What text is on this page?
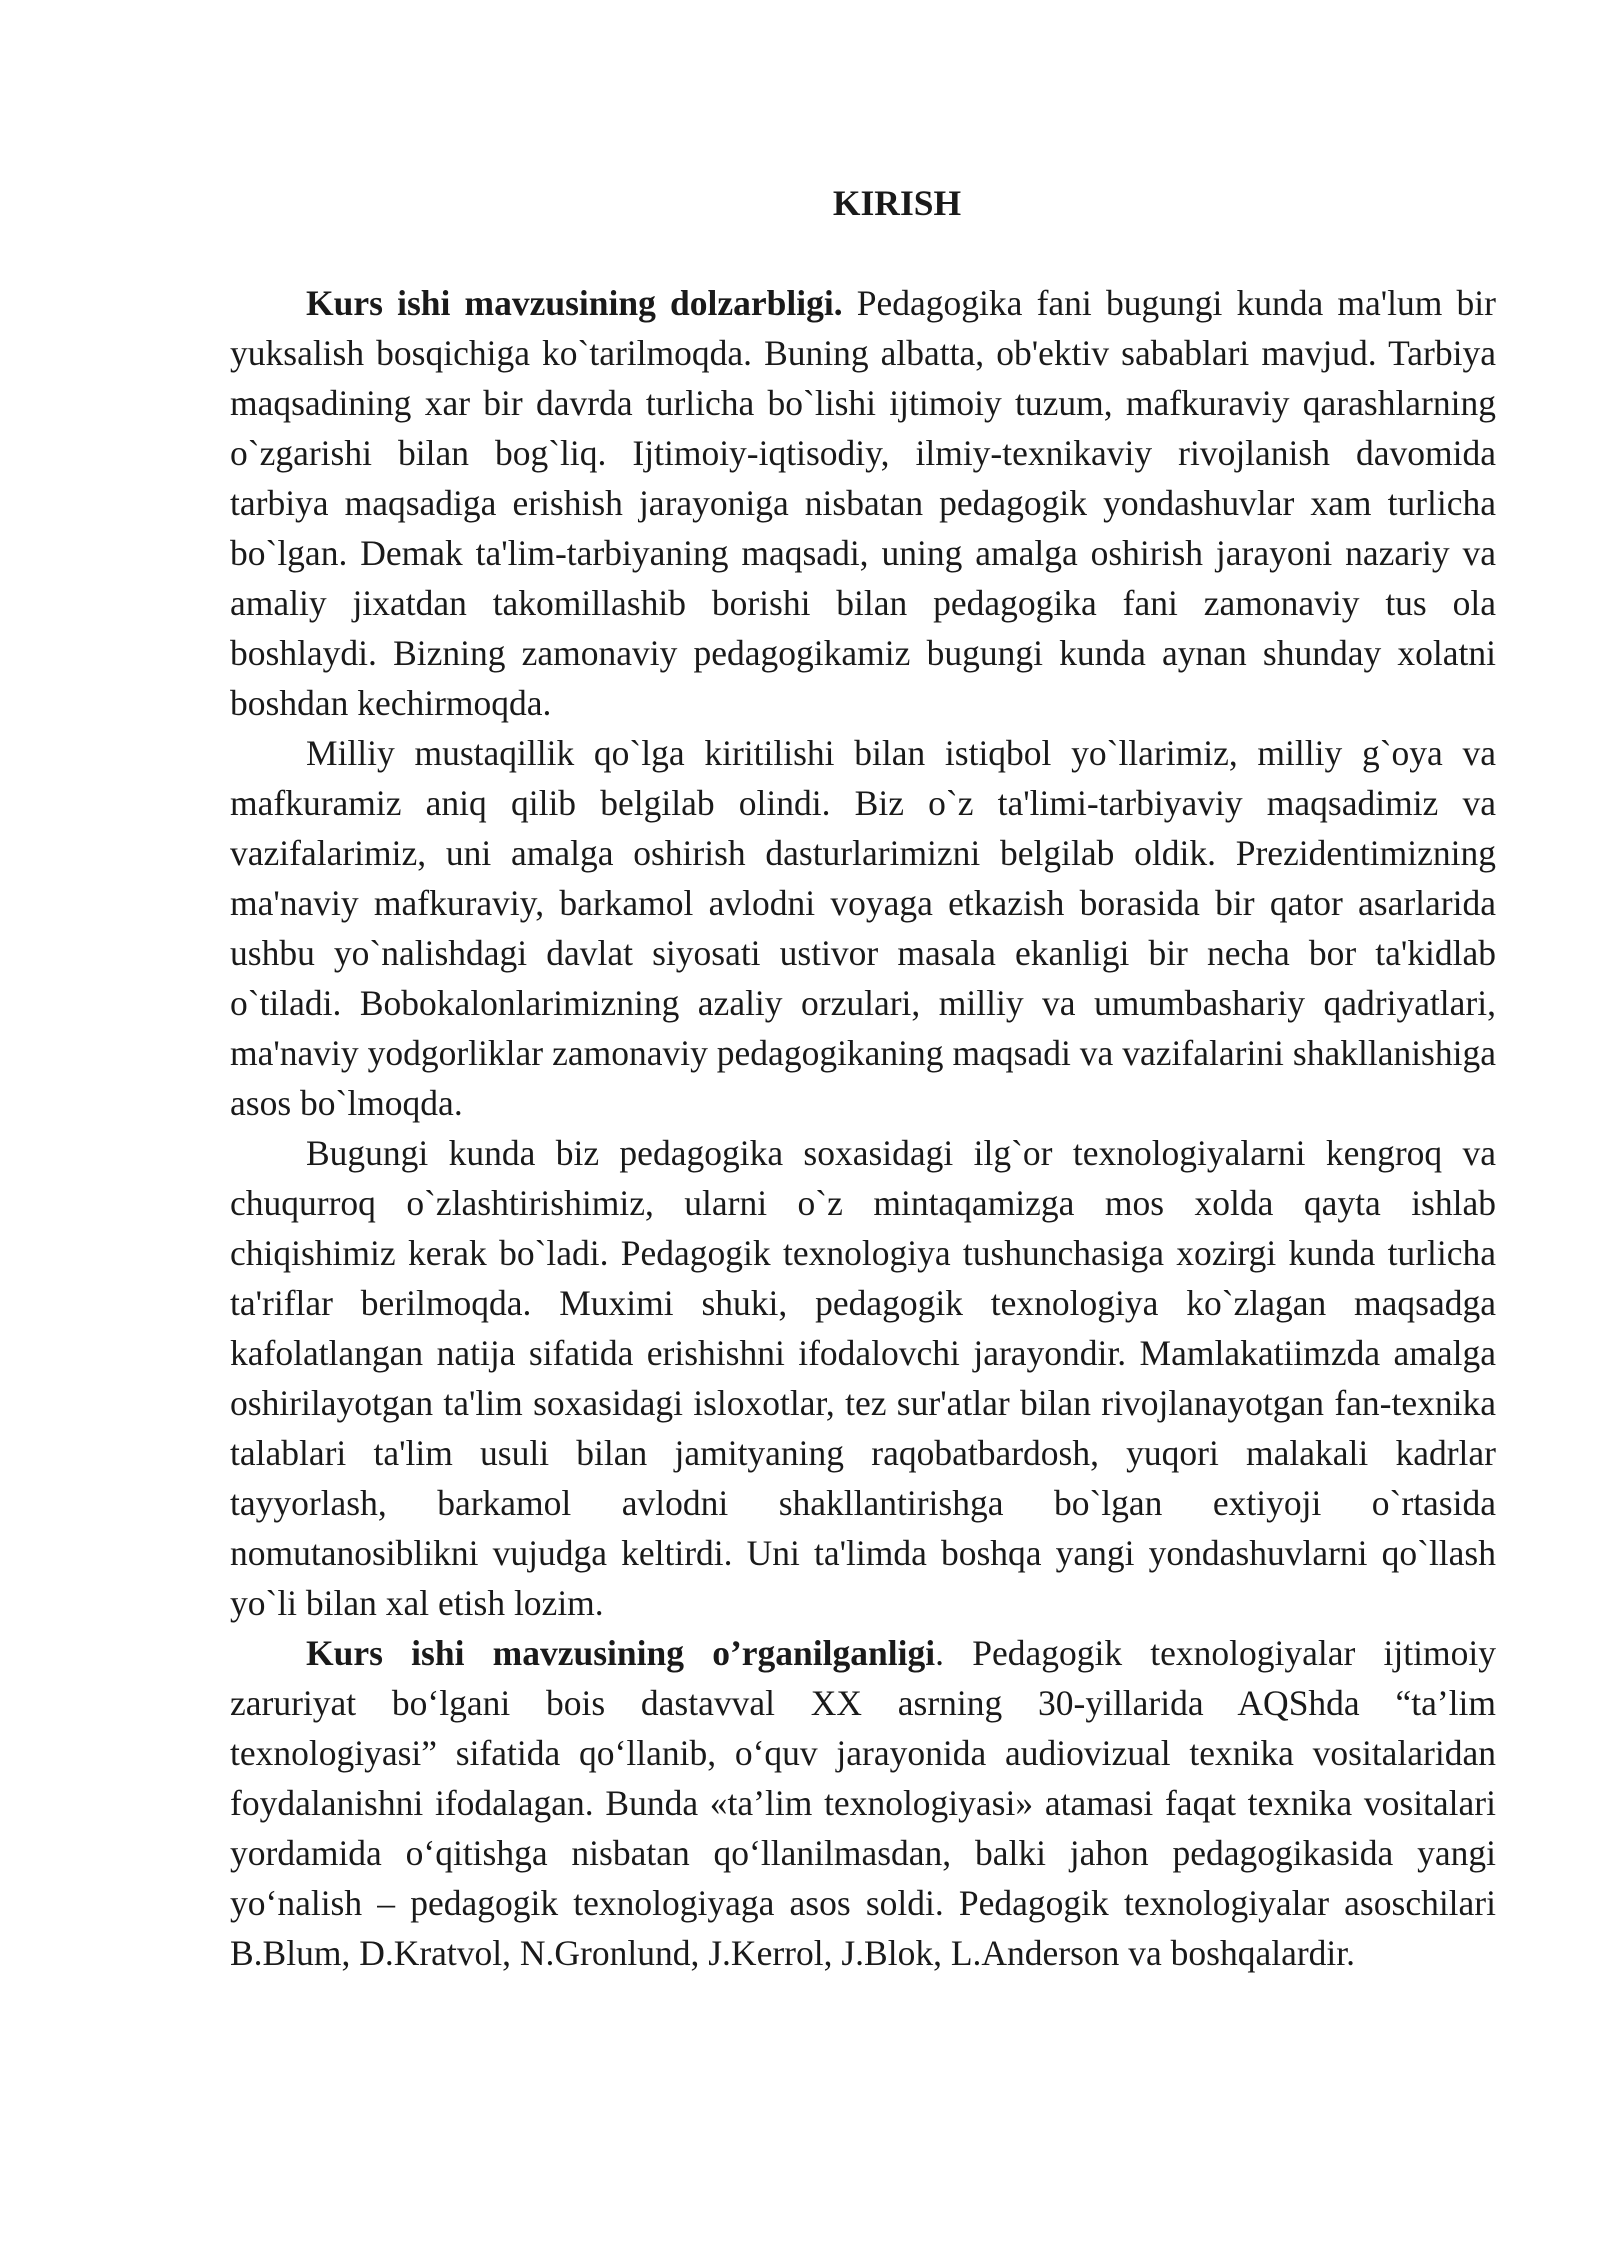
KIRISH

Kurs ishi mavzusining dolzarbligi. Pedagogika fani bugungi kunda ma'lum bir yuksalish bosqichiga ko`tarilmoqda. Buning albatta, ob'ektiv sabablari mavjud. Tarbiya maqsadining xar bir davrda turlicha bo`lishi ijtimoiy tuzum, mafkuraviy qarashlarning o`zgarishi bilan bog`liq. Ijtimoiy-iqtisodiy, ilmiy-texnikaviy rivojlanish davomida tarbiya maqsadiga erishish jarayoniga nisbatan pedagogik yondashuvlar xam turlicha bo`lgan. Demak ta'lim-tarbiyaning maqsadi, uning amalga oshirish jarayoni nazariy va amaliy jixatdan takomillashib borishi bilan pedagogika fani zamonaviy tus ola boshlaydi. Bizning zamonaviy pedagogikamiz bugungi kunda aynan shunday xolatni boshdan kechirmoqda.

Milliy mustaqillik qo`lga kiritilishi bilan istiqbol yo`llarimiz, milliy g`oya va mafkuramiz aniq qilib belgilab olindi. Biz o`z ta'limi-tarbiyaviy maqsadimiz va vazifalarimiz, uni amalga oshirish dasturlarimizni belgilab oldik. Prezidentimizning ma'naviy mafkuraviy, barkamol avlodni voyaga etkazish borasida bir qator asarlarida ushbu yo`nalishdagi davlat siyosati ustivor masala ekanligi bir necha bor ta'kidlab o`tiladi. Bobokalonlarimizning azaliy orzulari, milliy va umumbashariy qadriyatlari, ma'naviy yodgorliklar zamonaviy pedagogikaning maqsadi va vazifalarini shakllanishiga asos bo`lmoqda.

Bugungi kunda biz pedagogika soxasidagi ilg`or texnologiyalarni kengroq va chuqurroq o`zlashtirishimiz, ularni o`z mintaqamizga mos xolda qayta ishlab chiqishimiz kerak bo`ladi. Pedagogik texnologiya tushunchasiga xozirgi kunda turlicha ta'riflar berilmoqda. Muximi shuki, pedagogik texnologiya ko`zlagan maqsadga kafolatlangan natija sifatida erishishni ifodalovchi jarayondir. Mamlakatiimzda amalga oshirilayotgan ta'lim soxasidagi isloxotlar, tez sur'atlar bilan rivojlanayotgan fan-texnika talablari ta'lim usuli bilan jamityaning raqobatbardosh, yuqori malakali kadrlar tayyorlash, barkamol avlodni shakllantirishga bo`lgan extiyoji o`rtasida nomutanosiblikni vujudga keltirdi. Uni ta'limda boshqa yangi yondashuvlarni qo`llash yo`li bilan xal etish lozim.

Kurs ishi mavzusining o’rganilganligi. Pedagogik texnologiyalar ijtimoiy zaruriyat bo‘lgani bois dastavval XX asrning 30-yillarida AQShda “ta’lim texnologiyasi” sifatida qo‘llanib, o‘quv jarayonida audiovizual texnika vositalaridan foydalanishni ifodalagan. Bunda «ta’lim texnologiyasi» atamasi faqat texnika vositalari yordamida o‘qitishga nisbatan qo‘llanilmasdan, balki jahon pedagogikasida yangi yo‘nalish – pedagogik texnologiyaga asos soldi. Pedagogik texnologiyalar asoschilari B.Blum, D.Kratvol, N.Gronlund, J.Kerrol, J.Blok, L.Anderson va boshqalardir.
